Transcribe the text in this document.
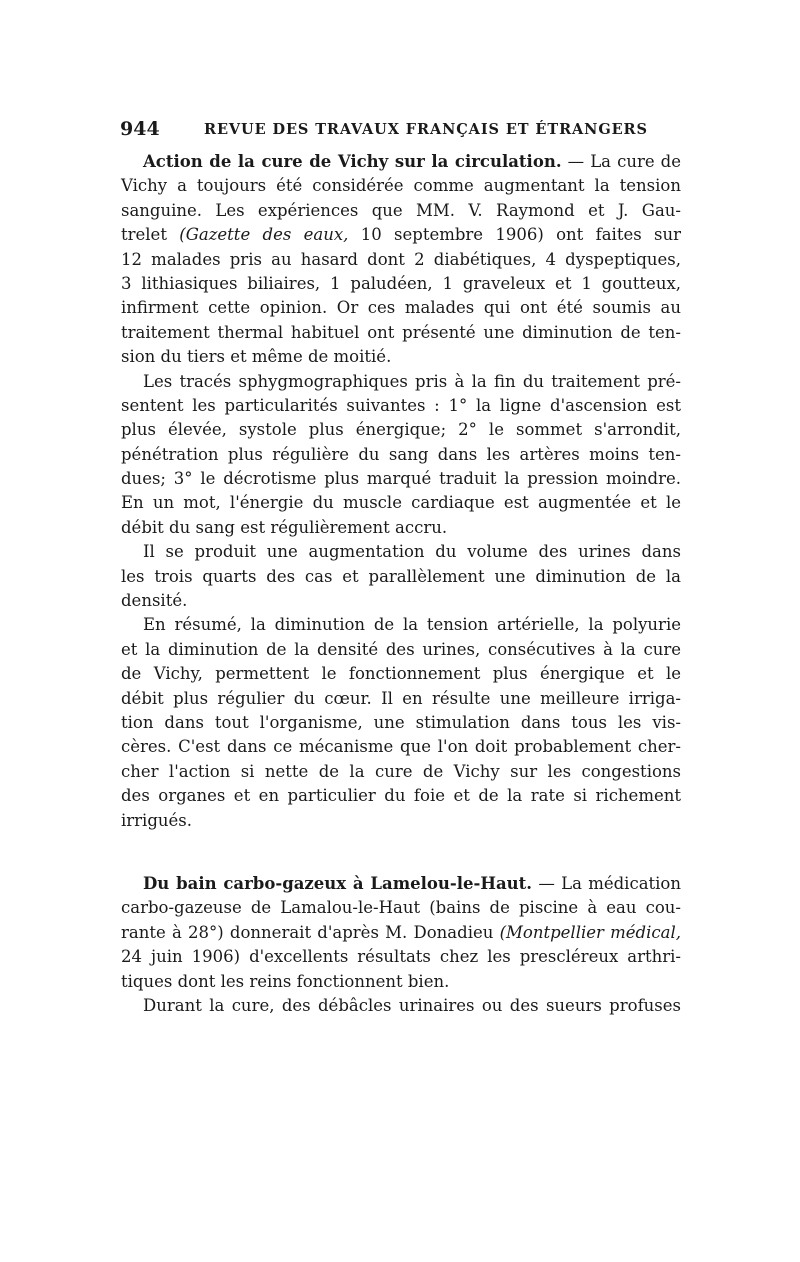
944	REVUE DES TRAVAUX FRANÇAIS ET ÉTRANGERS
Action de la cure de Vichy sur la circulation. — La cure de
Vichy a toujours été considérée comme augmentant la tension
sanguine. Les expériences que MM. V. Raymond et J. Gau-
trelet (Gazette des eaux, 10 septembre 1906) ont faites sur
12 malades pris au hasard dont 2 diabétiques, 4 dyspeptiques,
3 lithiasiques biliaires, 1 paludéen, 1 graveleux et 1 goutteux,
infirment cette opinion. Or ces malades qui ont été soumis au
traitement thermal habituel ont présenté une diminution de ten-
sion du tiers et même de moitié.
Les tracés sphygmographiques pris à la fin du traitement pré-
sentent les particularités suivantes : 1° la ligne d'ascension est
plus élevée, systole plus énergique; 2° le sommet s'arrondit,
pénétration plus régulière du sang dans les artères moins ten-
dues; 3° le décrotisme plus marqué traduit la pression moindre.
En un mot, l'énergie du muscle cardiaque est augmentée et le
débit du sang est régulièrement accru.
Il se produit une augmentation du volume des urines dans
les trois quarts des cas et parallèlement une diminution de la
densité.
En résumé, la diminution de la tension artérielle, la polyurie
et la diminution de la densité des urines, consécutives à la cure
de Vichy, permettent le fonctionnement plus énergique et le
débit plus régulier du cœur. Il en résulte une meilleure irriga-
tion dans tout l'organisme, une stimulation dans tous les vis-
cères. C'est dans ce mécanisme que l'on doit probablement cher-
cher l'action si nette de la cure de Vichy sur les congestions
des organes et en particulier du foie et de la rate si richement
irrigués.
Du bain carbo-gazeux à Lamelou-le-Haut. — La médication
carbo-gazeuse de Lamalou-le-Haut (bains de piscine à eau cou-
rante à 28°) donnerait d'après M. Donadieu (Montpellier médical,
24 juin 1906) d'excellents résultats chez les prescléreux arthri-
tiques dont les reins fonctionnent bien.
Durant la cure, des débâcles urinaires ou des sueurs profuses
